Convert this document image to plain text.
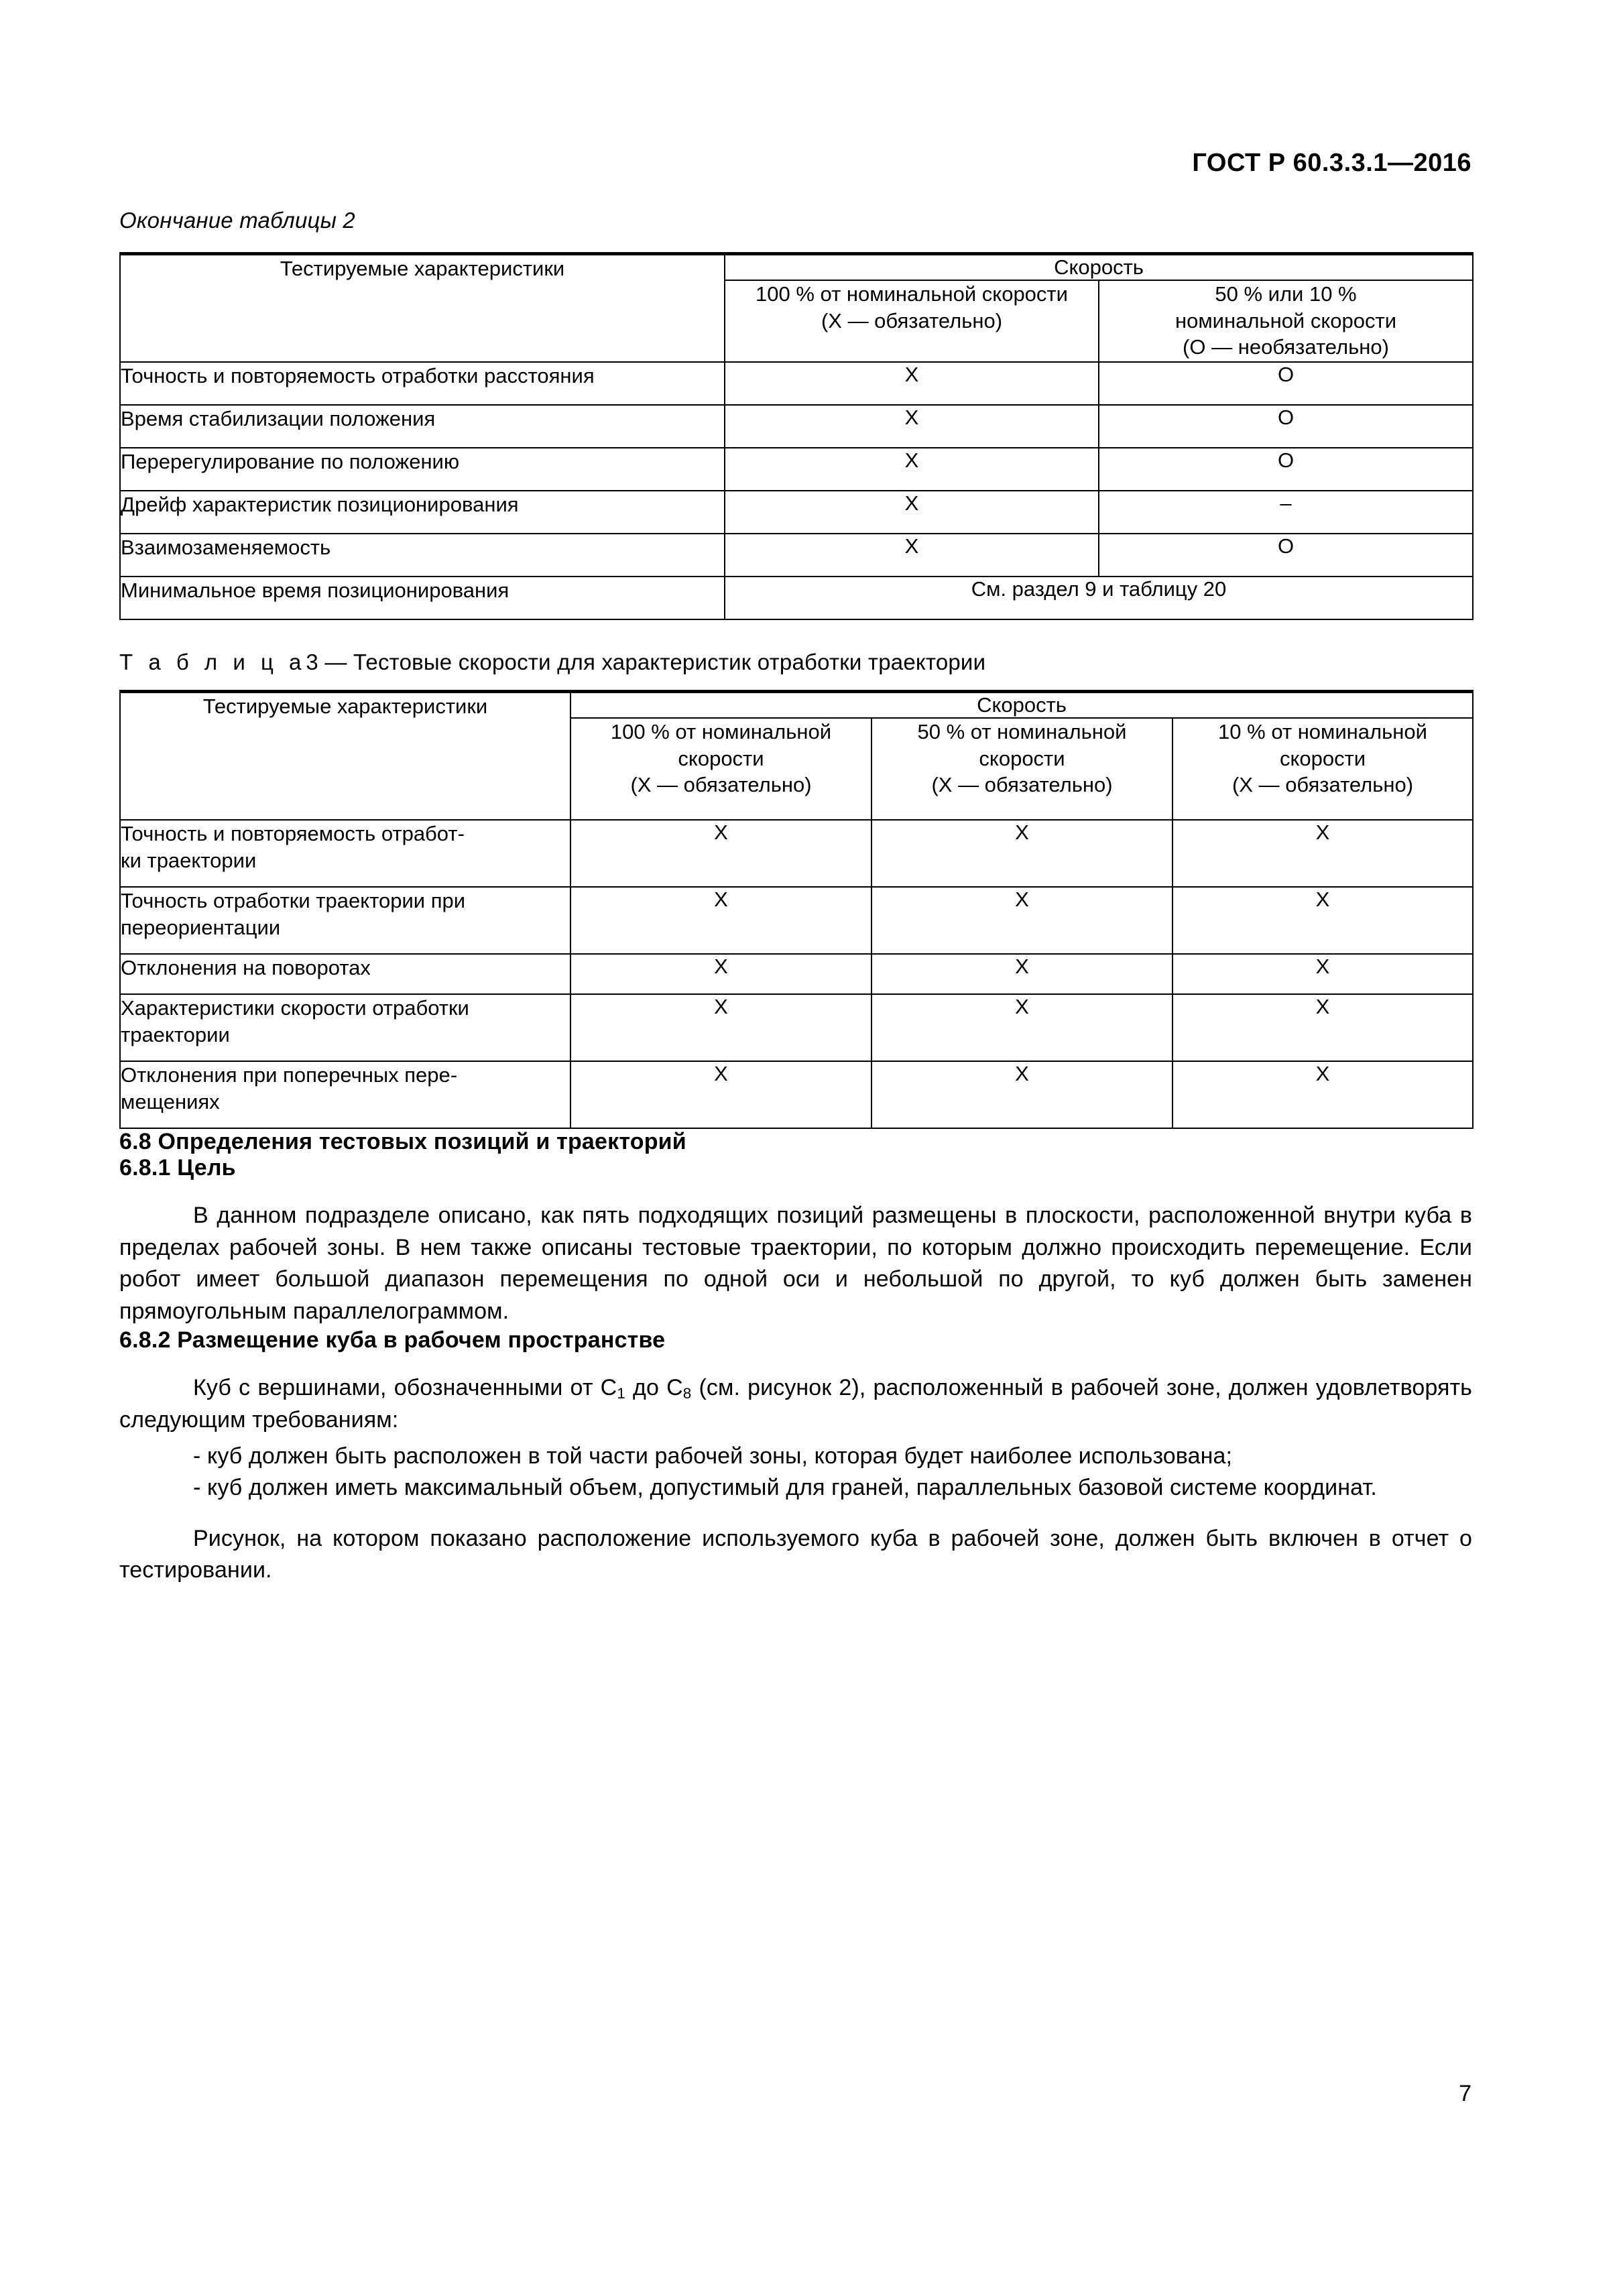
ГОСТ Р 60.3.3.1—2016
Окончание таблицы 2
Тестируемые характеристики	Скорость	

100 % от номинальной скорости
(X — обязательно)

50 % или 10 %
номинальной скорости
(О — необязательно)

Точность и повторяемость отработки расстояния	X	О
Время стабилизации положения	X	О
Перерегулирование по положению	X	О
Дрейф характеристик позиционирования	X	–
Взаимозаменяемость	X	О
Минимальное время позиционирования	См. раздел 9 и таблицу 20	
Т а б л и ц а3 — Тестовые скорости для характеристик отработки траектории
Тестируемые характеристики	Скорость		

100 % от номинальной
скорости
(X — обязательно)

50 % от номинальной
скорости
(X — обязательно)

10 % от номинальной
скорости
(X — обязательно)

Точность и повторяемость отработ-
ки траектории	X	X	X

Точность отработки траектории при
переориентации	X	X	X

Отклонения на поворотах	X	X	X

Характеристики скорости отработки
траектории	X	X	X

Отклонения при поперечных пере-
мещениях	X	X	X
6.8 Определения тестовых позиций и траекторий
6.8.1 Цель

В данном подразделе описано, как пять подходящих позиций размещены в плоскости, расположенной внутри куба в пределах рабочей зоны. В нем также описаны тестовые траектории, по которым должно происходить перемещение. Если робот имеет большой диапазон перемещения по одной оси и небольшой по другой, то куб должен быть заменен прямоугольным параллелограммом.

6.8.2 Размещение куба в рабочем пространстве

Куб с вершинами, обозначенными от $C_1$ до $C_8$ (см. рисунок 2), расположенный в рабочей зоне, должен удовлетворять следующим требованиям:

- куб должен быть расположен в той части рабочей зоны, которая будет наиболее использована;
- куб должен иметь максимальный объем, допустимый для граней, параллельных базовой системе координат.

Рисунок, на котором показано расположение используемого куба в рабочей зоне, должен быть включен в отчет о тестировании.

7
